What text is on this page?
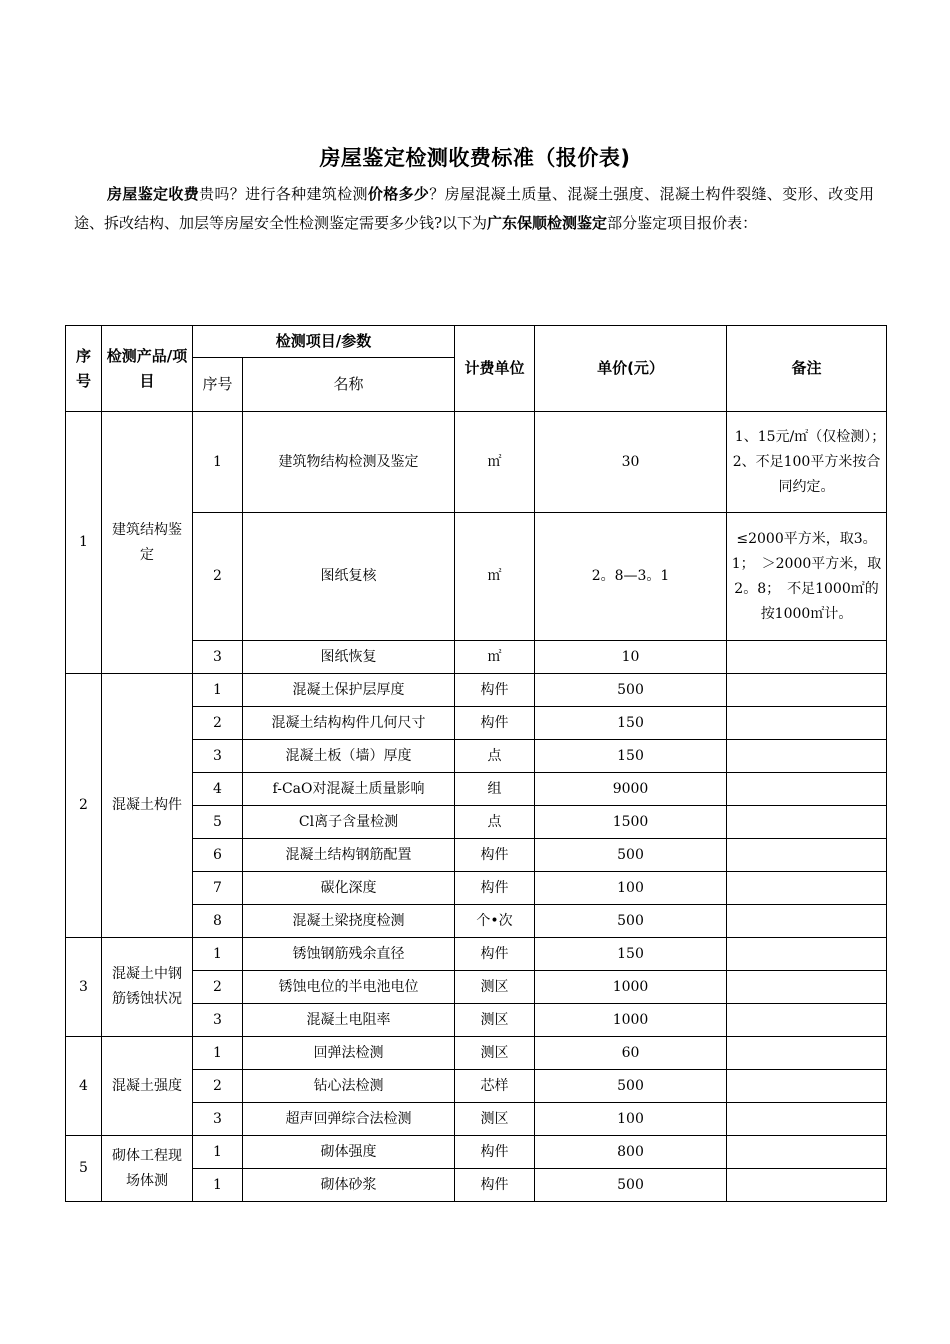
房屋鉴定检测收费标准（报价表)
房屋鉴定收费贵吗？进行各种建筑检测价格多少？房屋混凝土质量、混凝土强度、混凝土构件裂缝、变形、改变用途、拆改结构、加层等房屋安全性检测鉴定需要多少钱?以下为广东保顺检测鉴定部分鉴定项目报价表：
序号	检测产品/项目	检测项目/参数		计费单位	单价(元）	备注
		序号	名称			
1	建筑结构鉴定	1	建筑物结构检测及鉴定	㎡	30	1、15元/㎡（仅检测）；　　　2、不足100平方米按合同约定。
		2	图纸复核	㎡	2。8—3。1	≤2000平方米，取3。1；　＞2000平方米，取2。8；　不足1000㎡的按1000㎡计。
		3	图纸恢复	㎡	10	
2	混凝土构件	1	混凝土保护层厚度	构件	500	
		2	混凝土结构构件几何尺寸	构件	150	
		3	混凝土板（墙）厚度	点	150	
		4	f-CaO对混凝土质量影响	组	9000	
		5	Cl离子含量检测	点	1500	
		6	混凝土结构钢筋配置	构件	500	
		7	碳化深度	构件	100	
		8	混凝土梁挠度检测	个•次	500	
3	混凝土中钢筋锈蚀状况	1	锈蚀钢筋残余直径	构件	150	
		2	锈蚀电位的半电池电位	测区	1000	
		3	混凝土电阻率	测区	1000	
4	混凝土强度	1	回弹法检测	测区	60	
		2	钻心法检测	芯样	500	
		3	超声回弹综合法检测	测区	100	
5	砌体工程现场体测	1	砌体强度	构件	800	
		1	砌体砂浆	构件	500	
